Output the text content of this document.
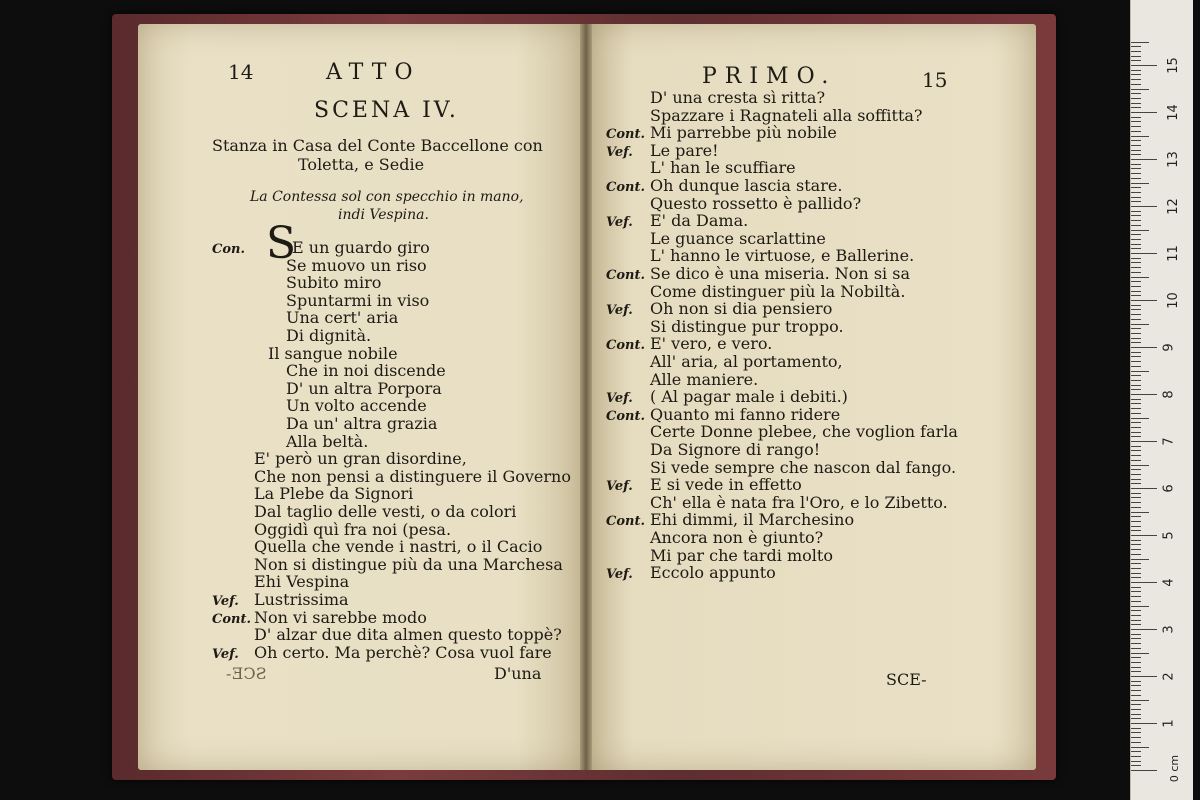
14	ATTO
SCENA IV.
Stanza in Casa del Conte Baccellone con
Toletta, e Sedie
La Contessa sol con specchio in mano,
indi Vespina.
S
Con.	E un guardo giro
Se muovo un riso
Subito miro
Spuntarmi in viso
Una cert' aria
Di dignità.
Il sangue nobile
Che in noi discende
D' un altra Porpora
Un volto accende
Da un' altra grazia
Alla beltà.
E' però un gran disordine,
Che non pensi a distinguere il Governo
La Plebe da Signori
Dal taglio delle vesti, o da colori
Oggidì quì fra noi (pesa.
Quella che vende i nastri, o il Cacio
Non si distingue più da una Marchesa
Ehi Vespina
Vef. Lustrissima
Cont. Non vi sarebbe modo
D' alzar due dita almen questo toppè?
Vef. Oh certo. Ma perchè? Cosa vuol fare
D'una
SCE-
PRIMO.	15
D' una cresta sì ritta?
Spazzare i Ragnateli alla soffitta?
Cont. Mi parrebbe più nobile
Vef. Le pare!
L' han le scuffiare
Cont. Oh dunque lascia stare.
Questo rossetto è pallido?
Vef. E' da Dama.
Le guance scarlattine
L' hanno le virtuose, e Ballerine.
Cont. Se dico è una miseria. Non si sa
Come distinguer più la Nobiltà.
Vef. Oh non si dia pensiero
Si distingue pur troppo.
Cont. E' vero, e vero.
All' aria, al portamento,
Alle maniere.
Vef. ( Al pagar male i debiti.)
Cont. Quanto mi fanno ridere
Certe Donne plebee, che voglion farla
Da Signore di rango!
Si vede sempre che nascon dal fango.
Vef. E si vede in effetto
Ch' ella è nata fra l'Oro, e lo Zibetto.
Cont. Ehi dimmi, il Marchesino
Ancora non è giunto?
Mi par che tardi molto
Vef. Eccolo appunto
SCE-
0 cm
1
2
3
4
5
6
7
8
9
10
11
12
13
14
15
